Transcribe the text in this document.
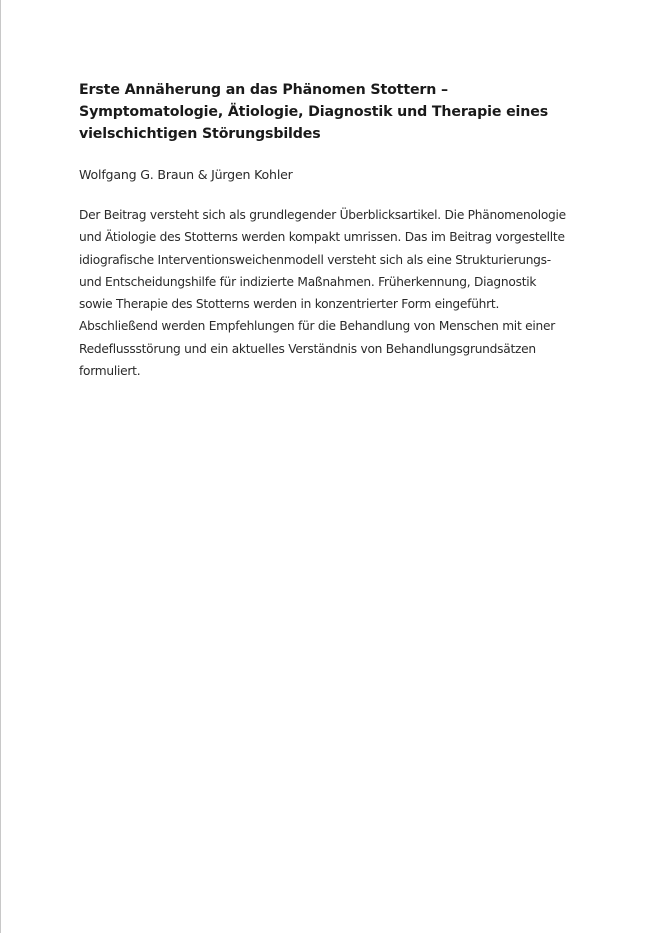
Erste Annäherung an das Phänomen Stottern – Symptomatologie, Ätiologie, Diagnostik und Therapie eines vielschichtigen Störungsbildes

Wolfgang G. Braun & Jürgen Kohler

Der Beitrag versteht sich als grundlegender Überblicksartikel. Die Phänomenologie
und Ätiologie des Stotterns werden kompakt umrissen. Das im Beitrag vorgestellte
idiografische Interventionsweichenmodell versteht sich als eine Strukturierungs-
und Entscheidungshilfe für indizierte Maßnahmen. Früherkennung, Diagnostik
sowie Therapie des Stotterns werden in konzentrierter Form eingeführt.
Abschließend werden Empfehlungen für die Behandlung von Menschen mit einer
Redeflussstörung und ein aktuelles Verständnis von Behandlungsgrundsätzen
formuliert.
